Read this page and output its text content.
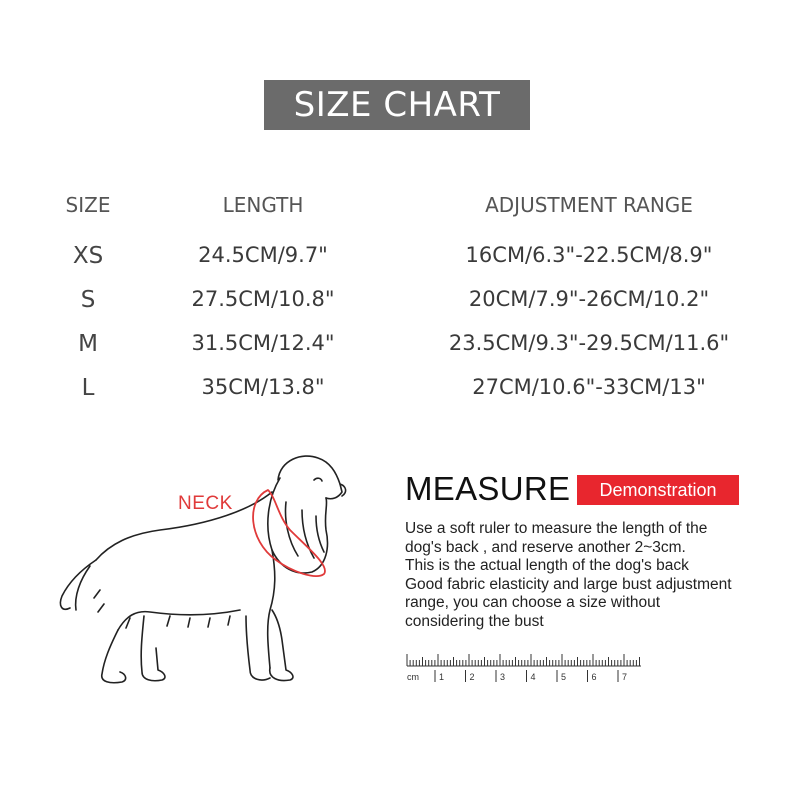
SIZE CHART
SIZE	LENGTH	ADJUSTMENT RANGE
XS	24.5CM/9.7"	16CM/6.3"-22.5CM/8.9"
S	27.5CM/10.8"	20CM/7.9"-26CM/10.2"
M	31.5CM/12.4"	23.5CM/9.3"-29.5CM/11.6"
L	35CM/13.8"	27CM/10.6"-33CM/13"
NECK	MEASURE	Demonstration
Use a soft ruler to measure the length of the
dog's back , and reserve another 2~3cm.
This is the actual length of the dog's back
Good fabric elasticity and large bust adjustment
range, you can choose a size without
considering the bust
cm 1	2	3	4	5	6	7
